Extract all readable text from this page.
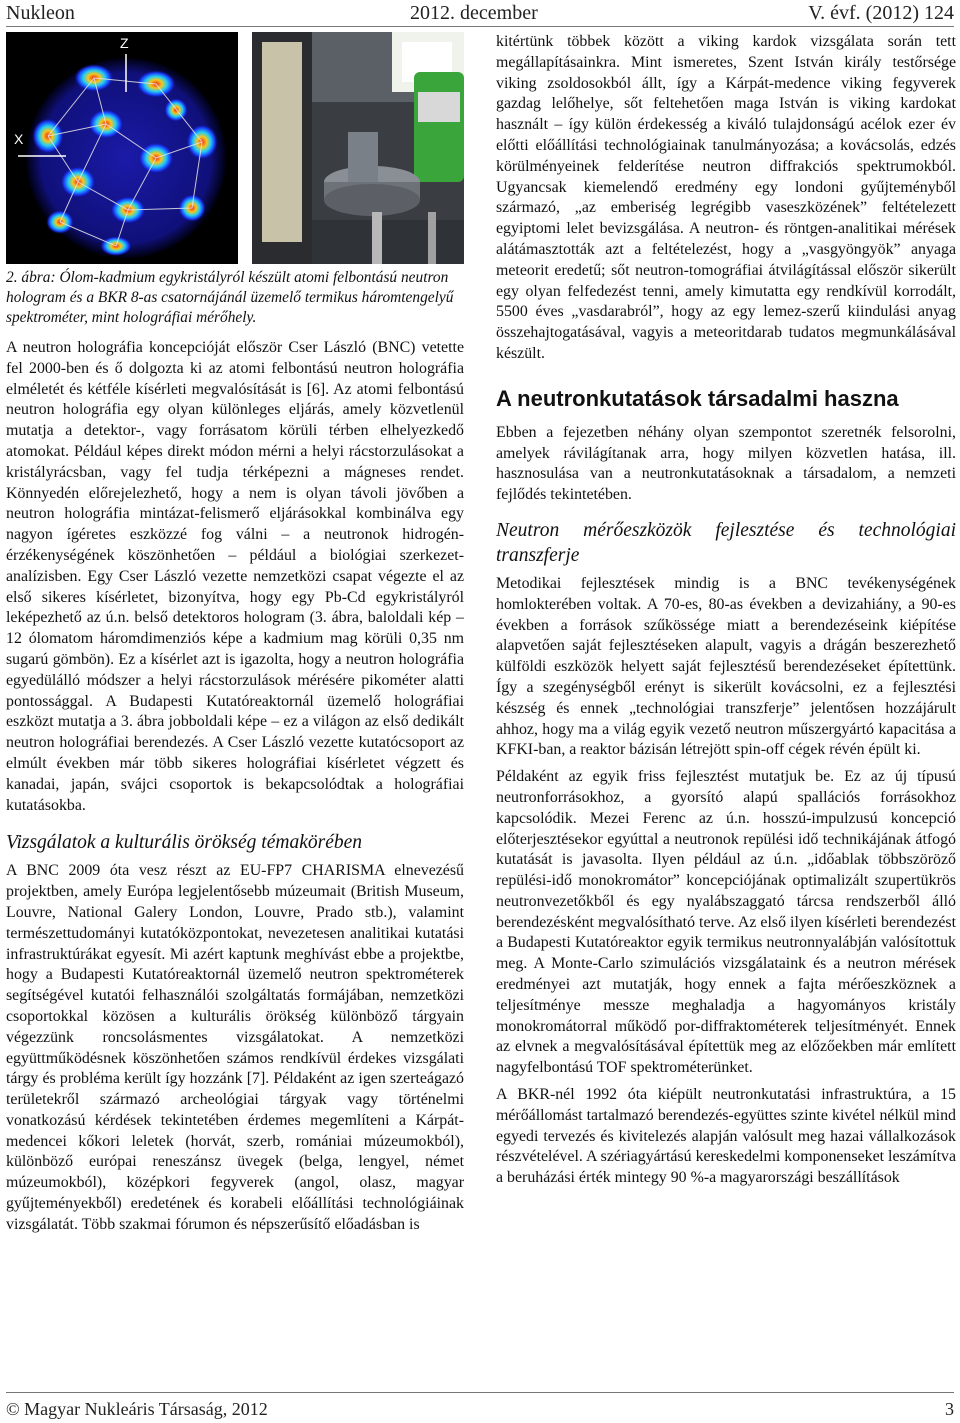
Nukleon	2012. december	V. évf. (2012) 124
Z
X
2. ábra: Ólom-kadmium egykristályról készült atomi felbontású neutron hologram és a BKR 8-as csatornájánál üzemelő termikus háromtengelyű spektrométer, mint holográfiai mérőhely.

A neutron holográfia koncepcióját először Cser László (BNC) vetette fel 2000-ben és ő dolgozta ki az atomi felbontású neutron holográfia elméletét és kétféle kísérleti megvalósítását is [6]. Az atomi felbontású neutron holográfia egy olyan különleges eljárás, amely közvetlenül mutatja a detektor-, vagy forrásatom körüli térben elhelyezkedő atomokat. Például képes direkt módon mérni a helyi rácstorzulásokat a kristályrácsban, vagy fel tudja térképezni a mágneses rendet. Könnyedén előrejelezhető, hogy a nem is olyan távoli jövőben a neutron holográfia mintázat-felismerő eljárásokkal kombinálva egy nagyon ígéretes eszközzé fog válni – a neutronok hidrogén-érzékenységének köszönhetően – például a biológiai szerkezet-analízisben. Egy Cser László vezette nemzetközi csapat végezte el az első sikeres kísérletet, bizonyítva, hogy egy Pb-Cd egykristályról leképezhető az ú.n. belső detektoros hologram (3. ábra, baloldali kép – 12 ólomatom háromdimenziós képe a kadmium mag körüli 0,35 nm sugarú gömbön). Ez a kísérlet azt is igazolta, hogy a neutron holográfia egyedülálló módszer a helyi rácstorzulások mérésére pikométer alatti pontossággal. A Budapesti Kutatóreaktornál üzemelő holográfiai eszközt mutatja a 3. ábra jobboldali képe – ez a világon az első dedikált neutron holográfiai berendezés. A Cser László vezette kutatócsoport az elmúlt években már több sikeres holográfiai kísérletet végzett és kanadai, japán, svájci csoportok is bekapcsolódtak a holográfiai kutatásokba.

Vizsgálatok a kulturális örökség témakörében

A BNC 2009 óta vesz részt az EU-FP7 CHARISMA elnevezésű projektben, amely Európa legjelentősebb múzeumait (British Museum, Louvre, National Galery London, Louvre, Prado stb.), valamint természettudományi kutatóközpontokat, nevezetesen analitikai kutatási infrastruktúrákat egyesít. Mi azért kaptunk meghívást ebbe a projektbe, hogy a Budapesti Kutatóreaktornál üzemelő neutron spektrométerek segítségével kutatói felhasználói szolgáltatás formájában, nemzetközi csoportokkal közösen a kulturális örökség különböző tárgyain végezzünk roncsolásmentes vizsgálatokat. A nemzetközi együttműködésnek köszönhetően számos rendkívül érdekes vizsgálati tárgy és probléma került így hozzánk [7]. Példaként az igen szerteágazó területekről származó archeológiai tárgyak vagy történelmi vonatkozású kérdések tekintetében érdemes megemlíteni a Kárpát-medencei kőkori leletek (horvát, szerb, romániai múzeumokból), különböző európai reneszánsz üvegek (belga, lengyel, német múzeumokból), középkori fegyverek (angol, olasz, magyar gyűjteményekből) eredetének és korabeli előállítási technológiáinak vizsgálatát. Több szakmai fórumon és népszerűsítő előadásban is

kitértünk többek között a viking kardok vizsgálata során tett megállapításainkra. Mint ismeretes, Szent István király testőrsége viking zsoldosokból állt, így a Kárpát-medence viking fegyverek gazdag lelőhelye, sőt feltehetően maga István is viking kardokat használt – így külön érdekesség a kiváló tulajdonságú acélok ezer év előtti előállítási technológiainak tanulmányozása; a kovácsolás, edzés körülményeinek felderítése neutron diffrakciós spektrumokból. Ugyancsak kiemelendő eredmény egy londoni gyűjteményből származó, „az emberiség legrégibb vaseszközének” feltételezett egyiptomi lelet bevizsgálása. A neutron- és röntgen-analitikai mérések alátámasztották azt a feltételezést, hogy a „vasgyöngyök” anyaga meteorit eredetű; sőt neutron-tomográfiai átvilágítással először sikerült egy olyan felfedezést tenni, amely kimutatta egy rendkívül korrodált, 5500 éves „vasdarabról”, hogy az egy lemez-szerű kiindulási anyag összehajtogatásával, vagyis a meteoritdarab tudatos megmunkálásával készült.

A neutronkutatások társadalmi haszna

Ebben a fejezetben néhány olyan szempontot szeretnék felsorolni, amelyek rávilágítanak arra, hogy milyen közvetlen hatása, ill. hasznosulása van a neutronkutatásoknak a társadalom, a nemzeti fejlődés tekintetében.

Neutron mérőeszközök fejlesztése és technológiai transzferje

Metodikai fejlesztések mindig is a BNC tevékenységének homlokterében voltak. A 70-es, 80-as években a devizahiány, a 90-es években a források szűkössége miatt a berendezéseink kiépítése alapvetően saját fejlesztéseken alapult, vagyis a drágán beszerezhető külföldi eszközök helyett saját fejlesztésű berendezéseket építettünk. Így a szegénységből erényt is sikerült kovácsolni, ez a fejlesztési készség és ennek „technológiai transzferje” jelentősen hozzájárult ahhoz, hogy ma a világ egyik vezető neutron műszergyártó kapacitása a KFKI-ban, a reaktor bázisán létrejött spin-off cégek révén épült ki.

Példaként az egyik friss fejlesztést mutatjuk be. Ez az új típusú neutronforrásokhoz, a gyorsító alapú spallációs forrásokhoz kapcsolódik. Mezei Ferenc az ú.n. hosszú-impulzusú koncepció előterjesztésekor egyúttal a neutronok repülési idő technikájának átfogó kutatását is javasolta. Ilyen például az ú.n. „időablak többszöröző repülési-idő monokromátor” koncepciójának optimalizált szupertükrös neutronvezetőkből és egy nyalábszaggató tárcsa rendszerből álló berendezésként megvalósítható terve. Az első ilyen kísérleti berendezést a Budapesti Kutatóreaktor egyik termikus neutronnyalábján valósítottuk meg. A Monte-Carlo szimulációs vizsgálataink és a neutron mérések eredményei azt mutatják, hogy ennek a fajta mérőeszköznek a teljesítménye messze meghaladja a hagyományos kristály monokromátorral működő por-diffraktométerek teljesítményét. Ennek az elvnek a megvalósításával építettük meg az előzőekben már említett nagyfelbontású TOF spektrométerünket.

A BKR-nél 1992 óta kiépült neutronkutatási infrastruktúra, a 15 mérőállomást tartalmazó berendezés-együttes szinte kivétel nélkül mind egyedi tervezés és kivitelezés alapján valósult meg hazai vállalkozások részvételével. A szériagyártású kereskedelmi komponenseket leszámítva a beruházási érték mintegy 90 %-a magyarországi beszállítások

© Magyar Nukleáris Társaság, 2012	3
